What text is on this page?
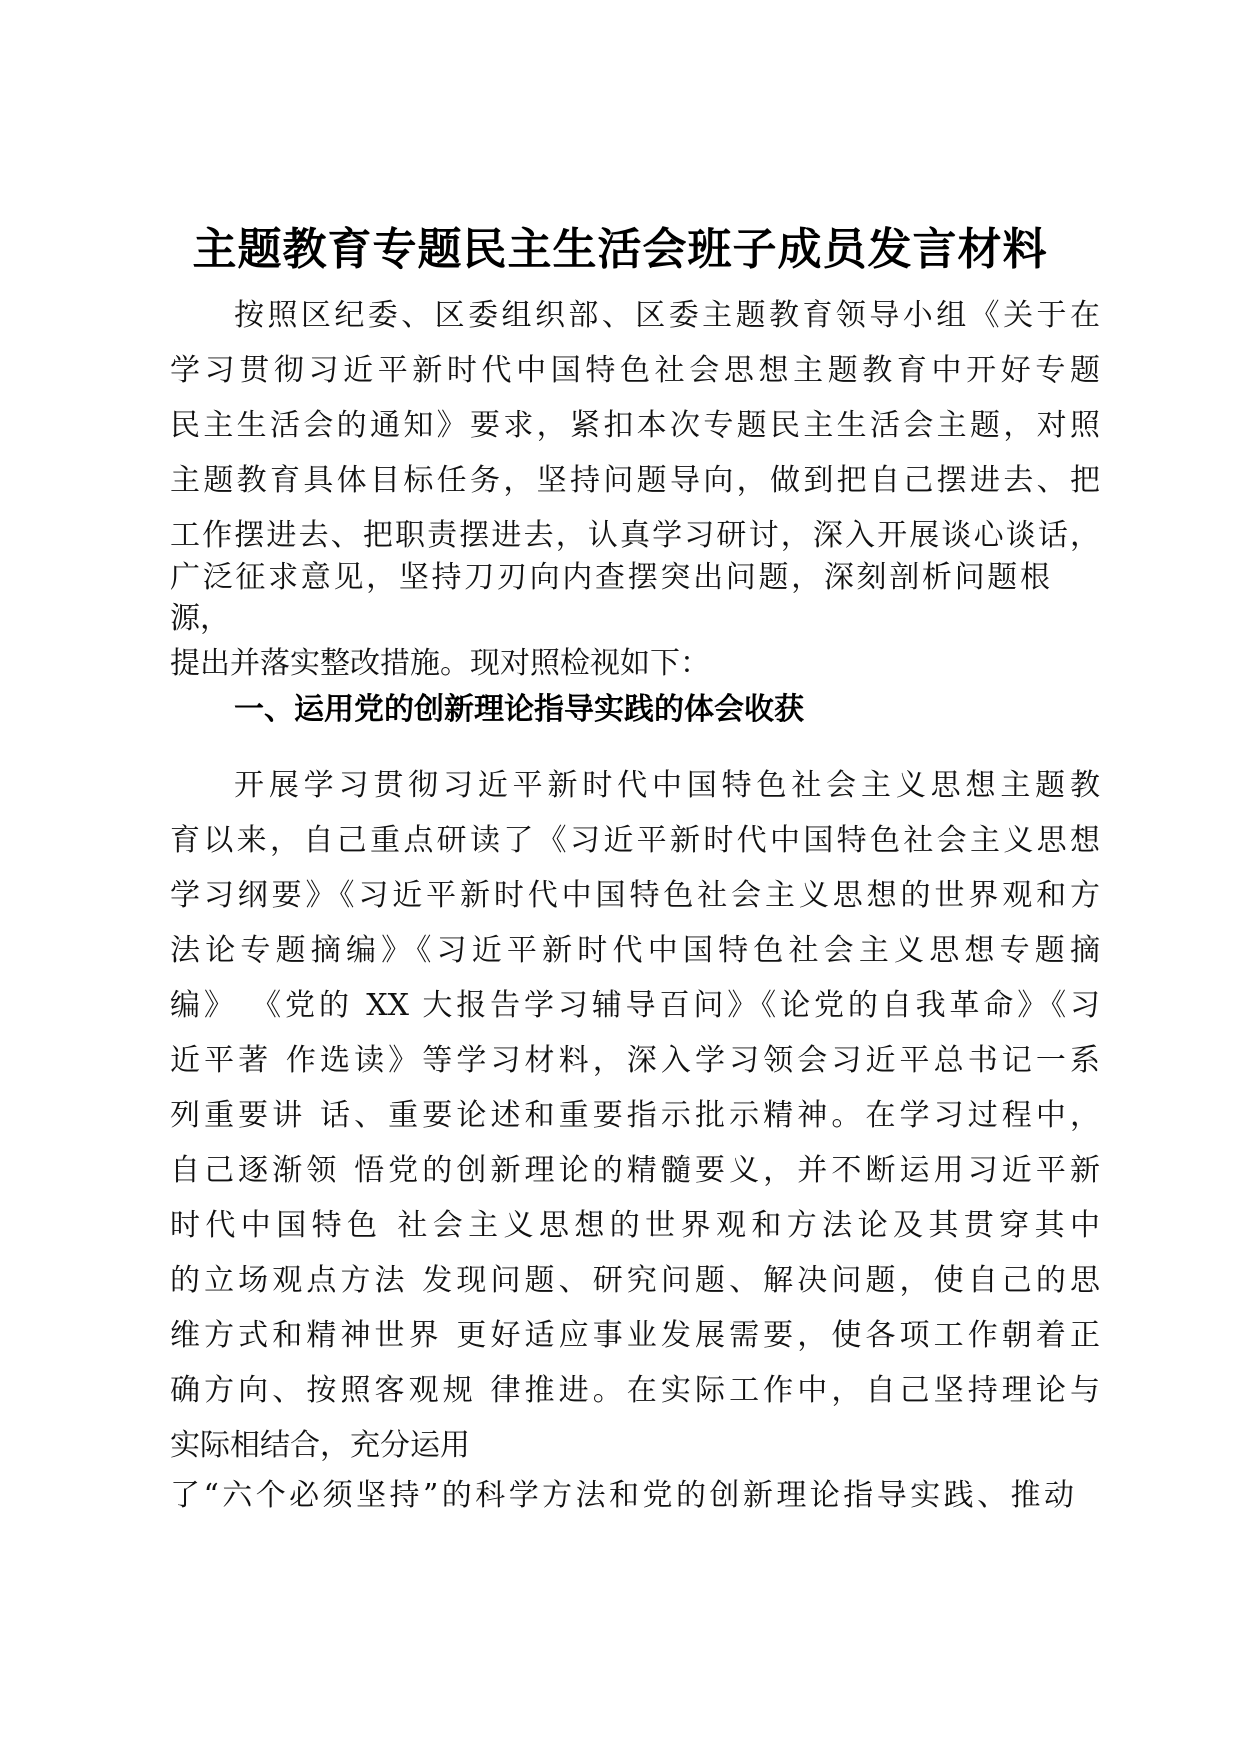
主题教育专题民主生活会班子成员发言材料
按照区纪委、区委组织部、区委主题教育领导小组《关于在
学习贯彻习近平新时代中国特色社会思想主题教育中开好专题
民主生活会的通知》要求，紧扣本次专题民主生活会主题，对照
主题教育具体目标任务，坚持问题导向，做到把自己摆进去、把
工作摆进去、把职责摆进去，认真学习研讨，深入开展谈心谈话，
广泛征求意见，坚持刀刃向内查摆突出问题，深刻剖析问题根
源，
提出并落实整改措施。现对照检视如下：
一、运用党的创新理论指导实践的体会收获
开展学习贯彻习近平新时代中国特色社会主义思想主题教
育以来，自己重点研读了《习近平新时代中国特色社会主义思想
学习纲要》《习近平新时代中国特色社会主义思想的世界观和方
法论专题摘编》《习近平新时代中国特色社会主义思想专题摘
编》 《党的 XX 大报告学习辅导百问》《论党的自我革命》《习
近平著 作选读》等学习材料，深入学习领会习近平总书记一系
列重要讲 话、重要论述和重要指示批示精神。在学习过程中，
自己逐渐领 悟党的创新理论的精髓要义，并不断运用习近平新
时代中国特色 社会主义思想的世界观和方法论及其贯穿其中
的立场观点方法 发现问题、研究问题、解决问题，使自己的思
维方式和精神世界 更好适应事业发展需要，使各项工作朝着正
确方向、按照客观规 律推进。在实际工作中，自己坚持理论与
实际相结合，充分运用
了“六个必须坚持”的科学方法和党的创新理论指导实践、推动
